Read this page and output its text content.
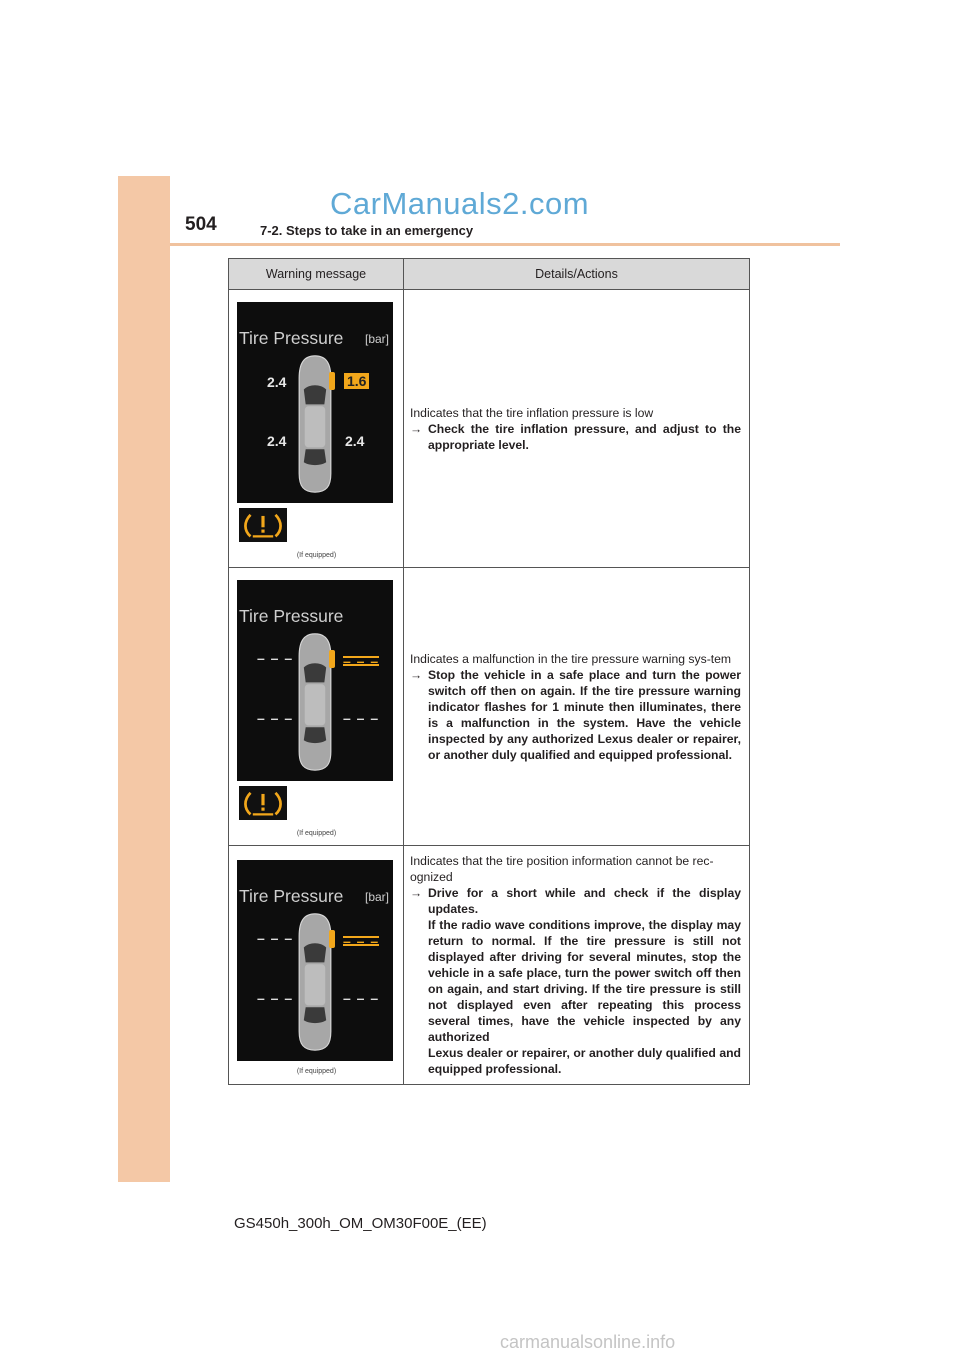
504	7-2. Steps to take in an emergency
CarManuals2.com
Warning message	Details/Actions
Tire Pressure [bar]
2.4	1.6
2.4	2.4
(If equipped)
Indicates that the tire inflation pressure is low
→ Check the tire inflation pressure, and adjust to the appropriate level.
Tire Pressure
– – –	– – –
– – –	– – –
(If equipped)
Indicates a malfunction in the tire pressure warning sys-tem
→ Stop the vehicle in a safe place and turn the power switch off then on again. If the tire pressure warning indicator flashes for 1 minute then illuminates, there is a malfunction in the system. Have the vehicle inspected by any authorized Lexus dealer or repairer, or another duly qualified and equipped professional.
Tire Pressure [bar]
– – –	– – –
– – –	– – –
(If equipped)
Indicates that the tire position information cannot be rec-ognized
→ Drive for a short while and check if the display updates.
If the radio wave conditions improve, the display may return to normal. If the tire pressure is still not displayed after driving for several minutes, stop the vehicle in a safe place, turn the power switch off then on again, and start driving. If the tire pressure is still not displayed even after repeating this process several times, have the vehicle inspected by any authorized
Lexus dealer or repairer, or another duly qualified and equipped professional.
GS450h_300h_OM_OM30F00E_(EE)
carmanualsonline.info
